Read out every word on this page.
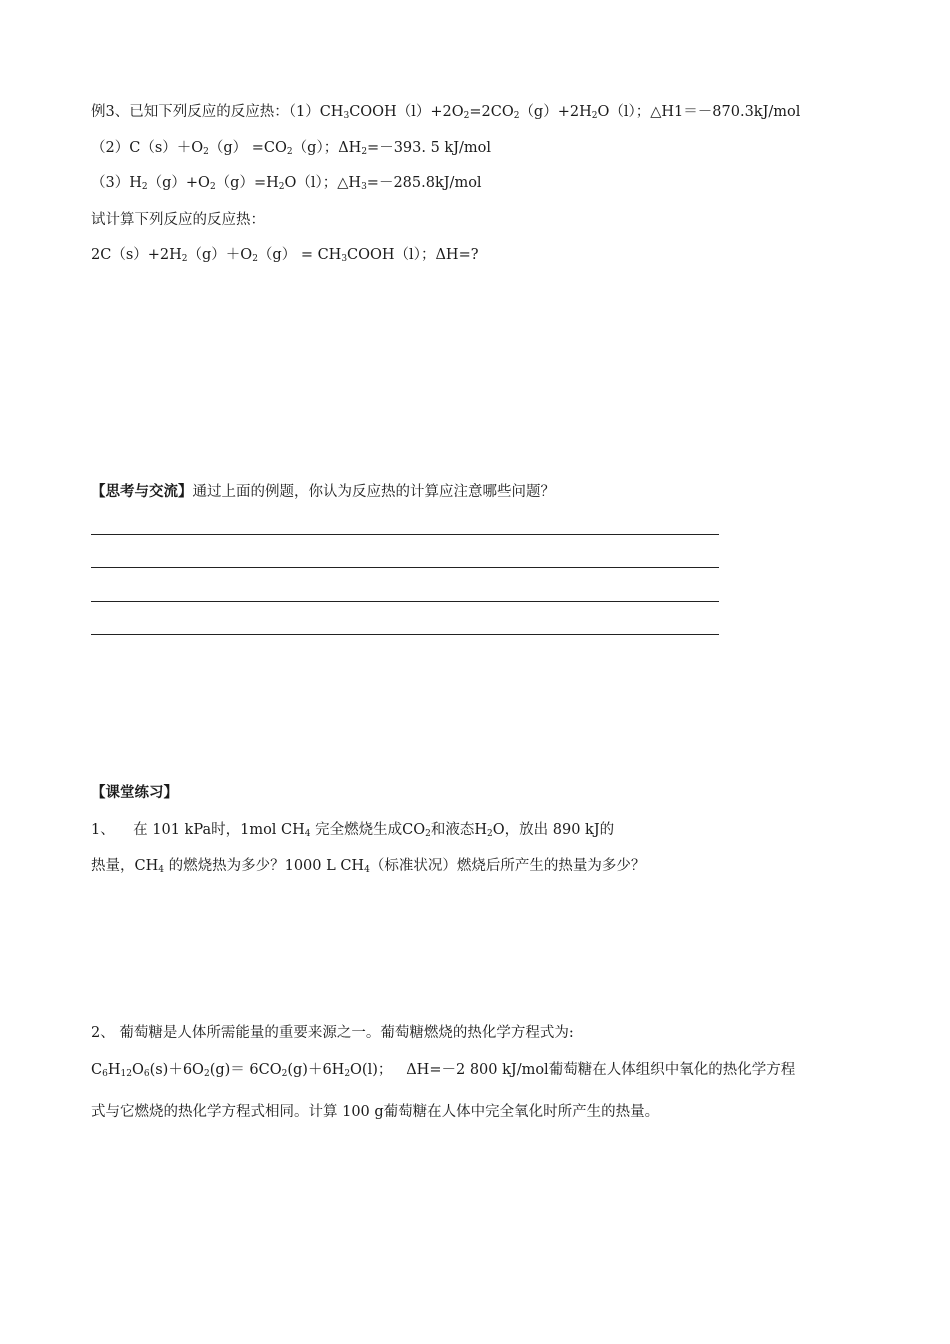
例3、已知下列反应的反应热：$(1)CH_3COOH(l)+2O_2=2CO_2(g)+2H_2O(l)$；△H1＝－870.3kJ/mol
$(2)C(s)+O_2(g) =CO_2(g)$；$\Delta H_2=-393$. 5 kJ/mol
$(3)H_2(g)+O_2(g)=H_2O(l)$；$\triangle H_3=-285.8kJ$/mol
试计算下列反应的反应热：
$2C(s)+2H_2(g)+O_2(g)$ = $CH_3COOH(l)$；ΔH=?
【思考与交流】通过上面的例题，你认为反应热的计算应注意哪些问题？
【课堂练习】
1、    在 101 kPa时，1mol $CH_4$ 完全燃烧生成$CO_2$和液态$H_2O$，放出 890 kJ的
热量，$CH_4$ 的燃烧热为多少？1000 L $CH_4$（标准状况）燃烧后所产生的热量为多少？
2、 葡萄糖是人体所需能量的重要来源之一。葡萄糖燃烧的热化学方程式为:
$C_6H_{12}O_6(s)+6O_2(g)= 6CO_2(g)+6H_2O(l)$；   ΔH=－2 800 kJ/mol葡萄糖在人体组织中氧化的热化学方程
式与它燃烧的热化学方程式相同。计算 100 g葡萄糖在人体中完全氧化时所产生的热量。
